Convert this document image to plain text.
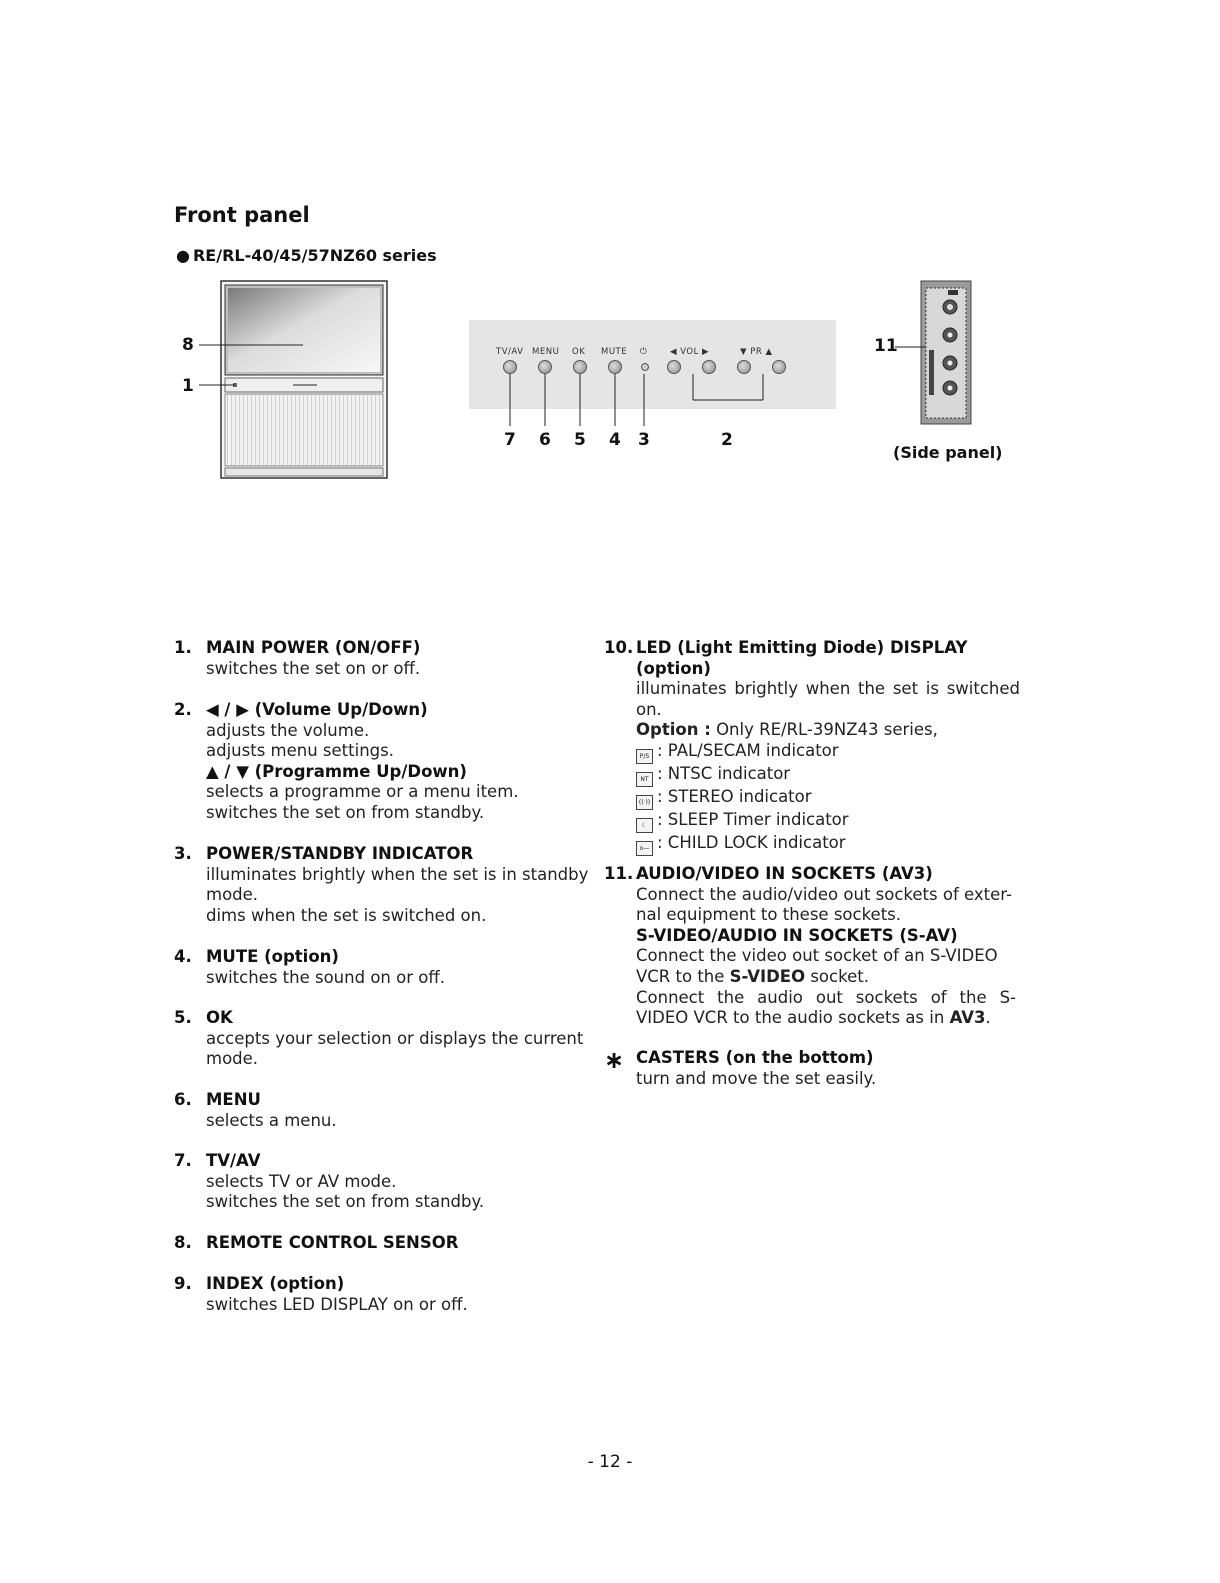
Front panel
● RE/RL-40/45/57NZ60 series
8
1
TV/AV MENU OK MUTE ⏻	◀ VOL ▶	▼ PR ▲
7 6 5 4 3	2
11
(Side panel)
1. MAIN POWER (ON/OFF)
switches the set on or off.
2. ◀ / ▶ (Volume Up/Down)
adjusts the volume.
adjusts menu settings.
▲ / ▼ (Programme Up/Down)
selects a programme or a menu item.
switches the set on from standby.
3. POWER/STANDBY INDICATOR
illuminates brightly when the set is in standby
mode.
dims when the set is switched on.
4. MUTE (option)
switches the sound on or off.
5. OK
accepts your selection or displays the current
mode.
6. MENU
selects a menu.
7. TV/AV
selects TV or AV mode.
switches the set on from standby.
8. REMOTE CONTROL SENSOR
9. INDEX (option)
switches LED DISPLAY on or off.
10. LED (Light Emitting Diode) DISPLAY
(option)
illuminates brightly when the set is switched
on.
Option : Only RE/RL-39NZ43 series,
P/S : PAL/SECAM indicator
NT : NTSC indicator
((·)) : STEREO indicator
☾ : SLEEP Timer indicator
o— : CHILD LOCK indicator
11. AUDIO/VIDEO IN SOCKETS (AV3)
Connect the audio/video out sockets of exter-
nal equipment to these sockets.
S-VIDEO/AUDIO IN SOCKETS (S-AV)
Connect the video out socket of an S-VIDEO
VCR to the S-VIDEO socket.
Connect the audio out sockets of the S-
VIDEO VCR to the audio sockets as in AV3.
∗ CASTERS (on the bottom)
turn and move the set easily.
- 12 -
